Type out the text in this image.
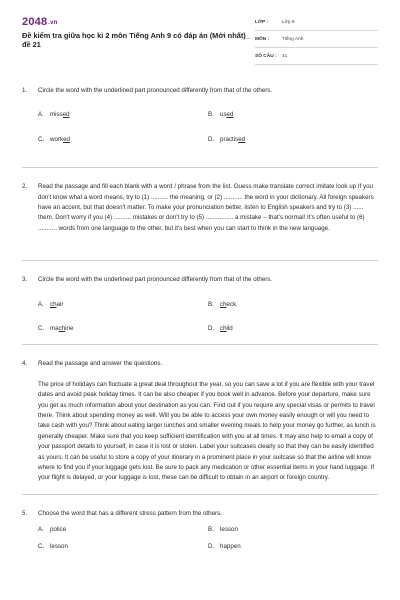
2048.vn
Đề kiểm tra giữa học kì 2 môn Tiếng Anh 9 có đáp án (Mới nhất)_ đề 21
LỚP :	Lớp 9
MÔN :	Tiếng Anh
SỐ CÂU :	41
1. Circle the word with the underlined part pronounced differently from that of the others.

A. missed	B. used
C. worked	D. practised
2. Read the passage and fill each blank with a word / phrase from the list. Guess make translate correct imitate look up If you don't know what a word means, try to (1) .......... the meaning, or (2) ........... the word in your dictionary. All foreign speakers have an accent, but that doesn't matter. To make your pronunciation better, listen to English speakers and try to (3) ...... them. Don't worry if you (4) .......... mistakes or don't try to (5) ................ a mistake – that's normal! It's often useful to (6) ........... words from one language to the other, but it's best when you can start to think in the new language.

3. Circle the word with the underlined part pronounced differently from that of the others.

A. chair	B. check
C. machine	D. child
4. Read the passage and answer the questions.

The price of holidays can fluctuate a great deal throughout the year, so you can save a lot if you are flexible with your travel dates and avoid peak holiday times. It can be also cheaper if you book well in advance. Before your departure, make sure you get as much information about your destination as you can. Find out if you require any special visas or permits to travel there. Think about spending money as well. Will you be able to access your own money easily enough or will you need to take cash with you? Think about eating larger lunches and smaller evening meals to help your money go further, as lunch is generally cheaper. Make sure that you keep sufficient identification with you at all times. It may also help to email a copy of your passport details to yourself, in case it is lost or stolen. Label your suitcases clearly so that they can be easily identified as yours. It can be useful to store a copy of your itinerary in a prominent place in your suitcase so that the airline will know where to find you if your luggage gets lost. Be sure to pack any medication or other essential items in your hand luggage. If your flight is delayed, or your luggage is lost, these can be difficult to obtain in an airport or foreign country.

5. Choose the word that has a different stress pattern from the others.

A. police	B. lesson
C. lesson	D. happen
